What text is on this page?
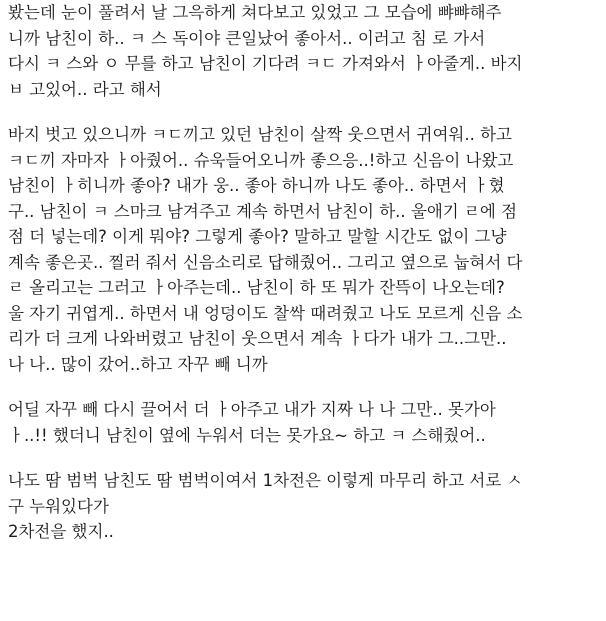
봤는데 눈이 풀려서 날 그윽하게 쳐다보고 있었고 그 모습에 뺘뺘해주
니까 남친이 하.. ㅋ 스 독이야 큰일났어 좋아서.. 이러고 침 로 가서
다시 ㅋ 스와 ㅇ 무를 하고 남친이 기다려 ㅋㄷ 가져와서 ㅏ아줄게.. 바지
ㅂ 고있어.. 라고 해서
바지 벗고 있으니까 ㅋㄷ끼고 있던 남친이 살짝 웃으면서 귀여워.. 하고
ㅋㄷ끼 자마자 ㅏ아줬어.. 슈욱들어오니까 좋으응..!하고 신음이 나왔고
남친이 ㅏ히니까 좋아? 내가 웅.. 좋아 하니까 나도 좋아.. 하면서 ㅏ혔
구.. 남친이 ㅋ 스마크 남겨주고 계속 하면서 남친이 하.. 울애기 ㄹ에 점
점 더 넣는데? 이게 뭐야? 그렇게 좋아? 말하고 말할 시간도 없이 그냥
계속 좋은곳.. 찔러 줘서 신음소리로 답해줬어.. 그리고 옆으로 눕혀서 다
ㄹ 올리고는 그러고 ㅏ아주는데.. 남친이 하 또 뭐가 잔뜩이 나오는데?
울 자기 귀엽게.. 하면서 내 엉덩이도 찰싹 때려줬고 나도 모르게 신음 소
리가 더 크게 나와버렸고 남친이 웃으면서 계속 ㅏ다가 내가 그..그만..
나 나.. 많이 갔어..하고 자꾸 빼 니까
어딜 자꾸 빼 다시 끌어서 더 ㅏ아주고 내가 지짜 나 나 그만.. 못가아
ㅏ..!! 했더니 남친이 옆에 누워서 더는 못가요~ 하고 ㅋ 스해줬어..
나도 땀 범벅 남친도 땀 범벅이여서 1차전은 이렇게 마무리 하고 서로 ㅅ
구 누워있다가
2차전을 했지..
